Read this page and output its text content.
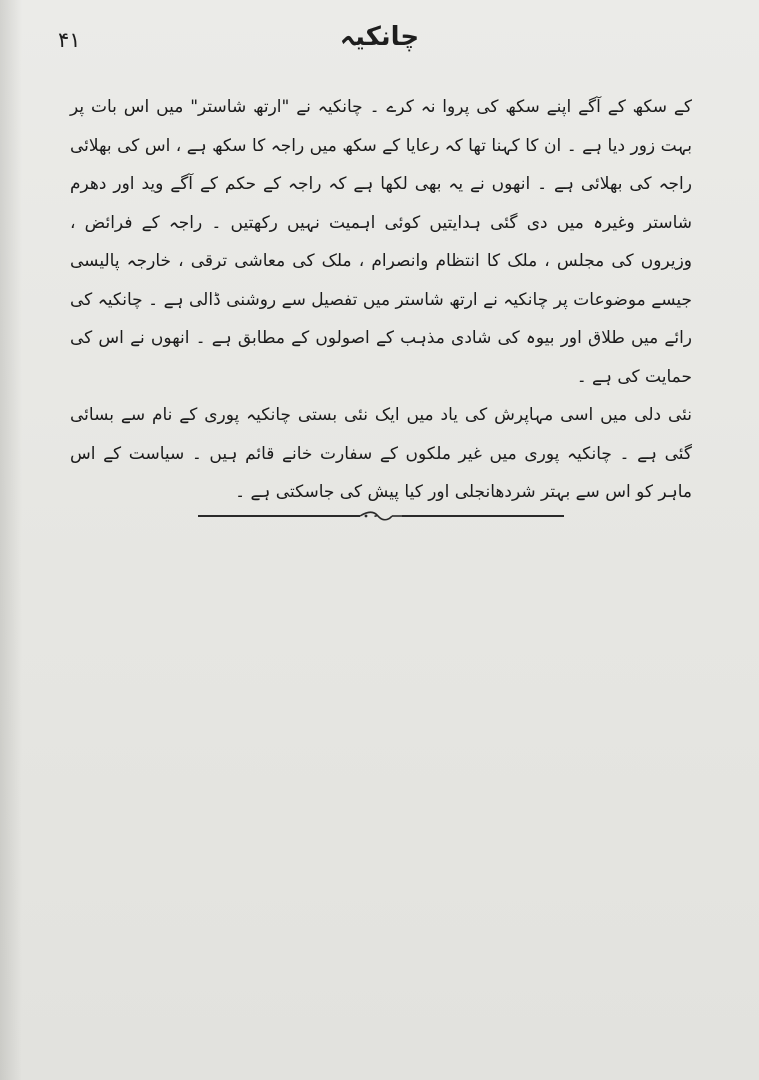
۴۱	چانکیہ

کے سکھ کے آگے اپنے سکھ کی پروا نہ کرے ۔ چانکیہ نے "ارتھ شاستر" میں اس بات پر بہت زور دیا ہے ۔ ان کا کہنا تھا کہ رعایا کے سکھ میں راجہ کا سکھ ہے ، اس کی بھلائی راجہ کی بھلائی ہے ۔ انھوں نے یہ بھی لکھا ہے کہ راجہ کے حکم کے آگے وید اور دھرم شاستر وغیرہ میں دی گئی ہدایتیں کوئی اہمیت نہیں رکھتیں ۔ راجہ کے فرائض ، وزیروں کی مجلس ، ملک کا انتظام وانصرام ، ملک کی معاشی ترقی ، خارجہ پالیسی جیسے موضوعات پر چانکیہ نے ارتھ شاستر میں تفصیل سے روشنی ڈالی ہے ۔ چانکیہ کی رائے میں طلاق اور بیوہ کی شادی مذہب کے اصولوں کے مطابق ہے ۔ انھوں نے اس کی حمایت کی ہے ۔

نئی دلی میں اسی مہاپرش کی یاد میں ایک نئی بستی چانکیہ پوری کے نام سے بسائی گئی ہے ۔ چانکیہ پوری میں غیر ملکوں کے سفارت خانے قائم ہیں ۔ سیاست کے اس ماہر کو اس سے بہتر شردھانجلی اور کیا پیش کی جاسکتی ہے ۔
